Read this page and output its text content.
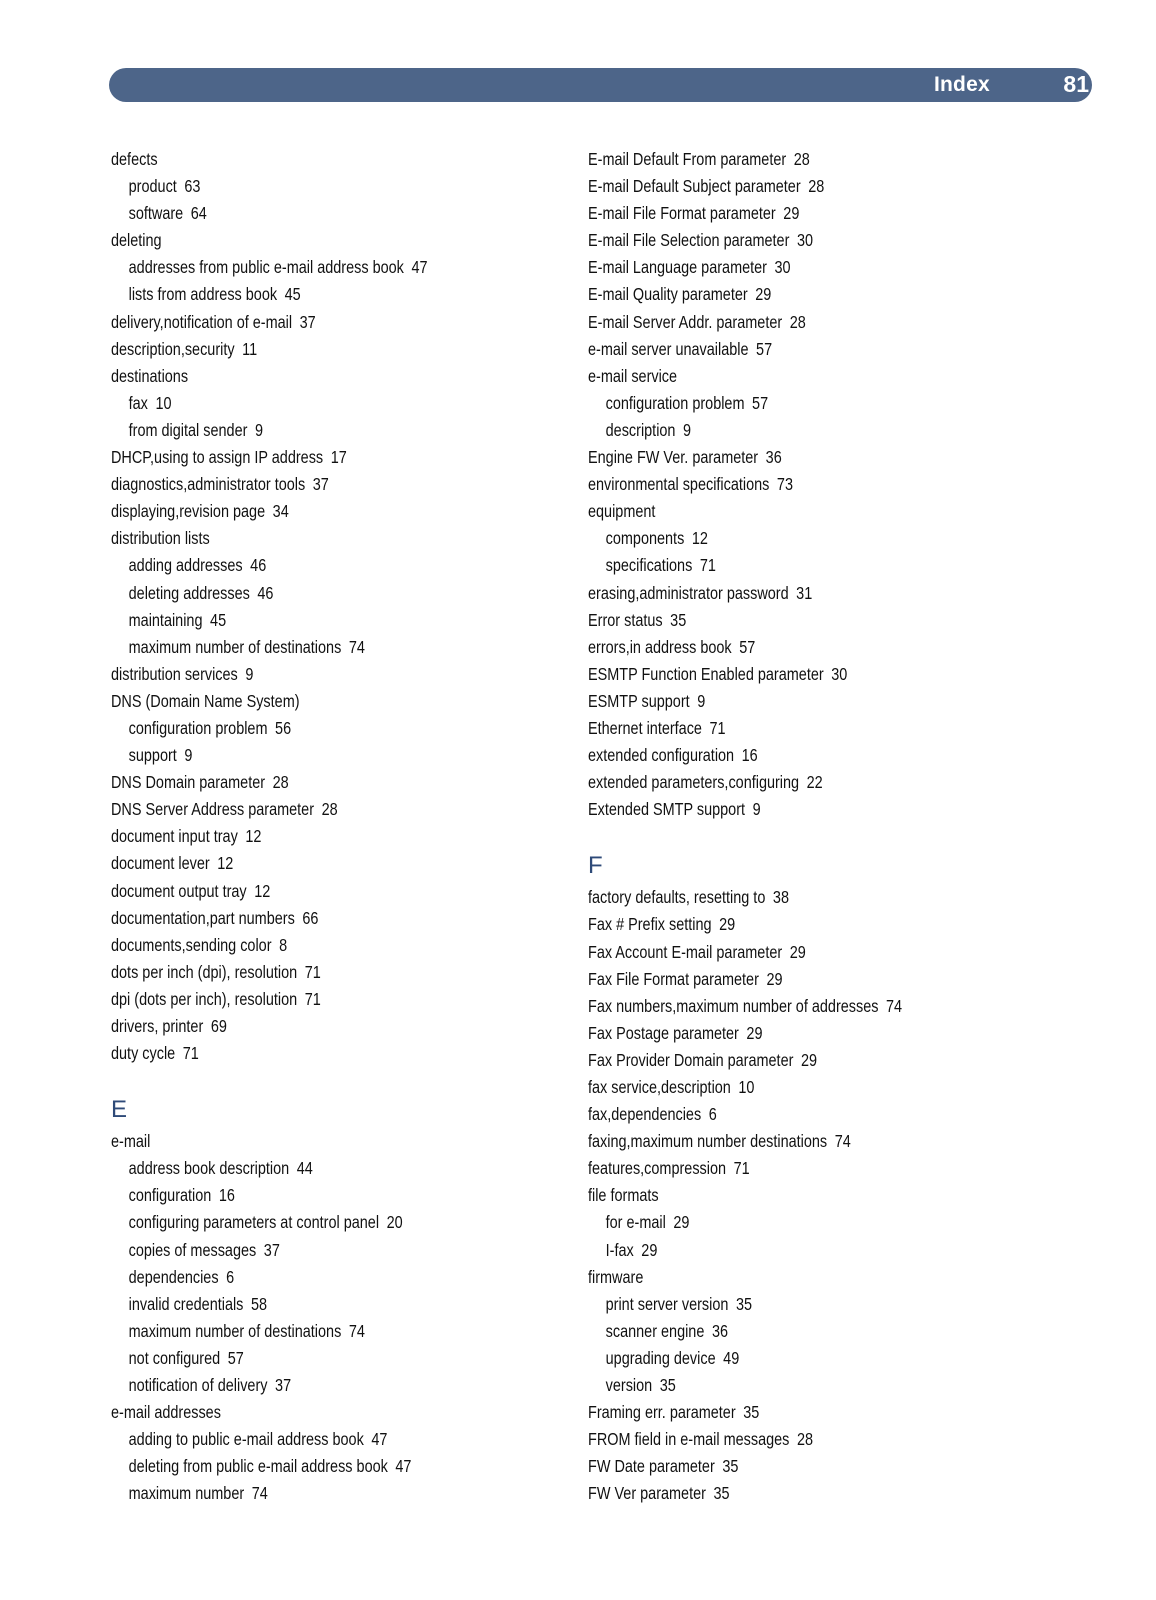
Index	81
defects
product 63
software 64
deleting
addresses from public e-mail address book 47
lists from address book 45
delivery,notification of e-mail 37
description,security 11
destinations
fax 10
from digital sender 9
DHCP,using to assign IP address 17
diagnostics,administrator tools 37
displaying,revision page 34
distribution lists
adding addresses 46
deleting addresses 46
maintaining 45
maximum number of destinations 74
distribution services 9
DNS (Domain Name System)
configuration problem 56
support 9
DNS Domain parameter 28
DNS Server Address parameter 28
document input tray 12
document lever 12
document output tray 12
documentation,part numbers 66
documents,sending color 8
dots per inch (dpi), resolution 71
dpi (dots per inch), resolution 71
drivers, printer 69
duty cycle 71
E
e-mail
address book description 44
configuration 16
configuring parameters at control panel 20
copies of messages 37
dependencies 6
invalid credentials 58
maximum number of destinations 74
not configured 57
notification of delivery 37
e-mail addresses
adding to public e-mail address book 47
deleting from public e-mail address book 47
maximum number 74
E-mail Default From parameter 28
E-mail Default Subject parameter 28
E-mail File Format parameter 29
E-mail File Selection parameter 30
E-mail Language parameter 30
E-mail Quality parameter 29
E-mail Server Addr. parameter 28
e-mail server unavailable 57
e-mail service
configuration problem 57
description 9
Engine FW Ver. parameter 36
environmental specifications 73
equipment
components 12
specifications 71
erasing,administrator password 31
Error status 35
errors,in address book 57
ESMTP Function Enabled parameter 30
ESMTP support 9
Ethernet interface 71
extended configuration 16
extended parameters,configuring 22
Extended SMTP support 9
F
factory defaults, resetting to 38
Fax # Prefix setting 29
Fax Account E-mail parameter 29
Fax File Format parameter 29
Fax numbers,maximum number of addresses 74
Fax Postage parameter 29
Fax Provider Domain parameter 29
fax service,description 10
fax,dependencies 6
faxing,maximum number destinations 74
features,compression 71
file formats
for e-mail 29
I-fax 29
firmware
print server version 35
scanner engine 36
upgrading device 49
version 35
Framing err. parameter 35
FROM field in e-mail messages 28
FW Date parameter 35
FW Ver parameter 35
